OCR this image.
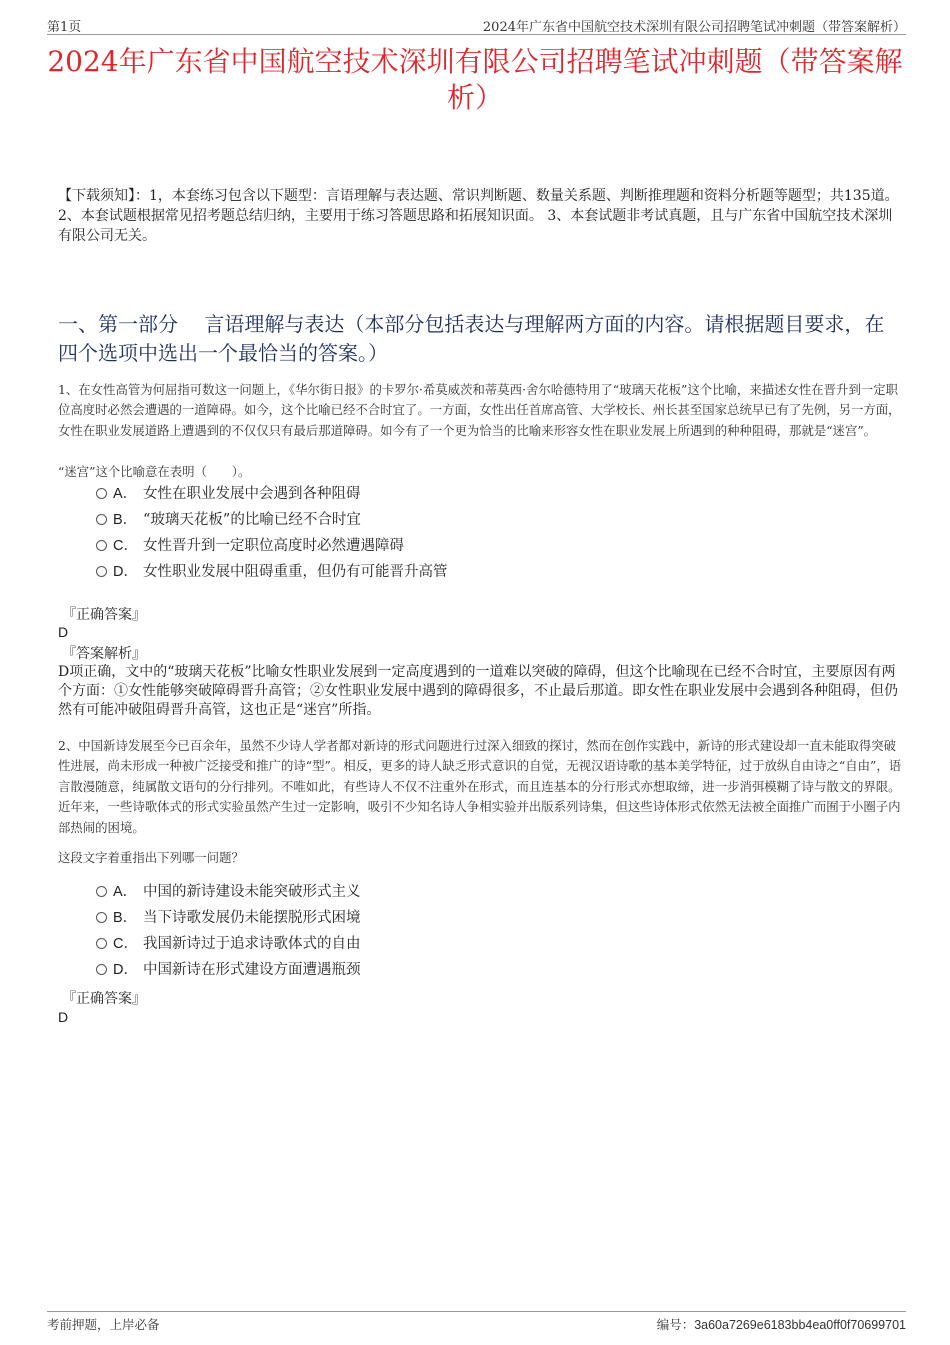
第1页	2024年广东省中国航空技术深圳有限公司招聘笔试冲刺题（带答案解析）
2024年广东省中国航空技术深圳有限公司招聘笔试冲刺题（带答案解析）
【下载须知】：1，本套练习包含以下题型：言语理解与表达题、常识判断题、数量关系题、判断推理题和资料分析题等题型；共135道。 2、本套试题根据常见招考题总结归纳，主要用于练习答题思路和拓展知识面。 3、本套试题非考试真题，且与广东省中国航空技术深圳有限公司无关。
一、第一部分　 言语理解与表达（本部分包括表达与理解两方面的内容。请根据题目要求，在四个选项中选出一个最恰当的答案。）
1、在女性高管为何屈指可数这一问题上，《华尔街日报》的卡罗尔·希莫威茨和蒂莫西·舍尔哈德特用了“玻璃天花板”这个比喻，来描述女性在晋升到一定职位高度时必然会遭遇的一道障碍。如今，这个比喻已经不合时宜了。一方面，女性出任首席高管、大学校长、州长甚至国家总统早已有了先例，另一方面，女性在职业发展道路上遭遇到的不仅仅只有最后那道障碍。如今有了一个更为恰当的比喻来形容女性在职业发展上所遇到的种种阻碍，那就是“迷宫”。
“迷宫”这个比喻意在表明（　　）。
A． 女性在职业发展中会遇到各种阻碍
B． “玻璃天花板”的比喻已经不合时宜
C． 女性晋升到一定职位高度时必然遭遇障碍
D． 女性职业发展中阻碍重重，但仍有可能晋升高管
『正确答案』
D
『答案解析』
D项正确，文中的“玻璃天花板”比喻女性职业发展到一定高度遇到的一道难以突破的障碍，但这个比喻现在已经不合时宜，主要原因有两个方面：①女性能够突破障碍晋升高管；②女性职业发展中遇到的障碍很多，不止最后那道。即女性在职业发展中会遇到各种阻碍，但仍然有可能冲破阻碍晋升高管，这也正是“迷宫”所指。
2、中国新诗发展至今已百余年，虽然不少诗人学者都对新诗的形式问题进行过深入细致的探讨，然而在创作实践中，新诗的形式建设却一直未能取得突破性进展，尚未形成一种被广泛接受和推广的诗“型”。相反，更多的诗人缺乏形式意识的自觉，无视汉语诗歌的基本美学特征，过于放纵自由诗之“自由”，语言散漫随意，纯属散文语句的分行排列。不唯如此，有些诗人不仅不注重外在形式，而且连基本的分行形式亦想取缔，进一步消弭模糊了诗与散文的界限。近年来，一些诗歌体式的形式实验虽然产生过一定影响，吸引不少知名诗人争相实验并出版系列诗集，但这些诗体形式依然无法被全面推广而囿于小圈子内部热闹的困境。
这段文字着重指出下列哪一问题？
A． 中国的新诗建设未能突破形式主义
B． 当下诗歌发展仍未能摆脱形式困境
C． 我国新诗过于追求诗歌体式的自由
D． 中国新诗在形式建设方面遭遇瓶颈
『正确答案』
D
考前押题，上岸必备	编号：3a60a7269e6183bb4ea0ff0f70699701
